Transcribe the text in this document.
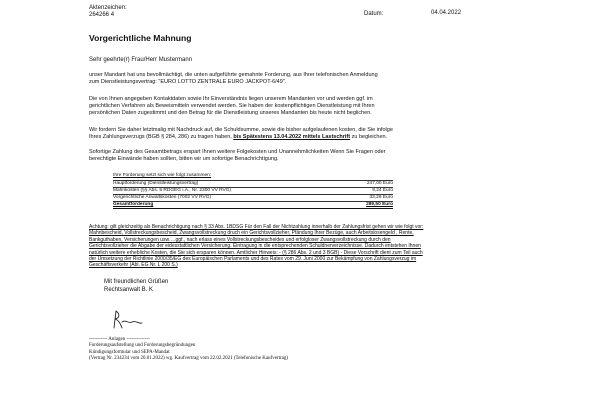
Aktenzeichen:
264266 4	Datum:	04.04.2022
Vorgerichtliche Mahnung
Sehr geehrte(r) Frau/Herr Mustermann
unser Mandant hat uns bevollmächtigt, die unten aufgeführte gemahnte Forderung, aus Ihrer telefonischen Anmeldung
zum Dienstleistungsvertrag: "EURO LOTTO ZENTRALE EURO JACKPOT-6/49".
Die von Ihnen angegeben Kontaktdaten sowie Ihr Einverständnis liegen unserem Mandanten vor und werden ggf. im
gerichtlichen Verfahren als Beweismitteln verwendet werden. Sie haben der kostenpflichtigen Dienstleistung mit Ihren
persönlichen Daten zugestimmt und den Betrag für die Dienstleistung unseres Mandanten bis heute nicht beglichen.
Wir fordern Sie daher letztmalig mit Nachdruck auf, die Schuldsumme, sowie die bisher aufgelaufenen kosten, die Sie infolge
Ihres Zahlungsverzugs (BGB § 284, 286) zu tragen haben, bis Spätestens 13.04.2022 mittels Lastschrift zu begleichen.
Sofortige Zahlung des Gesamtbetrags erspart Ihnen weitere Folgekosten und Unannehmlichkeiten Wenn Sie Fragen oder
berechtigte Einwände haben sollten, bitten wir um sofortige Benachrichtigung.
Ihre Forderung setzt sich wie folgt zusammen:
Hauptforderung (Dienstleistungsvertrag)	247,00 Euro
Mahnkosten (§§ Abs. 5 RDGEG i.A., Nr. 2300 VV RVG)	9,24 Euro
Vorgerichtliche Anwaltskosten (7002 VV RVG)	33,26 Euro
Gesamtforderung	289,50 Euro
Achtung: gilt gleichzeitig als Benachrichtigung nach § 33 Abs. 1BDSG Für den Fall der Nichtzahlung innerhalb der Zahlungsfrist gehen wir wie folgt vor:
Mahnbescheid, Vollstreckungsbescheid, Zwangsvollstreckung druch ein Gerichtsvollzieher, Pfändung Ihrer Bezüge, auch Arbeitslosengeld , Rente,
Bankguthaben, Versicherungen usw….ggf., nach erlass eines Vollstreckungsbescheides und erfolgloser Zwangsvollstreckung durch den
Gerichtsvollzieher die Abgabe der eidesstattlichen Versicherung. Eintragung in die entsprechenden Schuldnerverzeichnisse. Dadurch entstehen Ihnen
natürlich weitere erhebliche Kosten, die Sie sich ersparen können. Amtlicher Hinweis: - (§ 286 Abs. 2 und 3 BGB) - Diese Vorschrift dient zum Teil auch
der Umsetzung der Richtlinie 2000/35/EG des Europäischen Parlaments und des Rates vom 29. Juni 2000 zur Bekämpfung von Zahlungsverzug im
Geschäftsverkehr (Abl. EG Nr. L 200 S.)
Mit freundlichen Grüßen
Rechtsanwalt B. K
----------- Anlagen --------------
Forderungsaufstellung und Forderungsbegründungen
Kündigungsformular und SEPA-Mandat
(Vertrag Nr. 234234 vom 20.01.2022) wg. Kaufvertrag vom 22.02.2021 (Telefonische Kaufvertrag)
